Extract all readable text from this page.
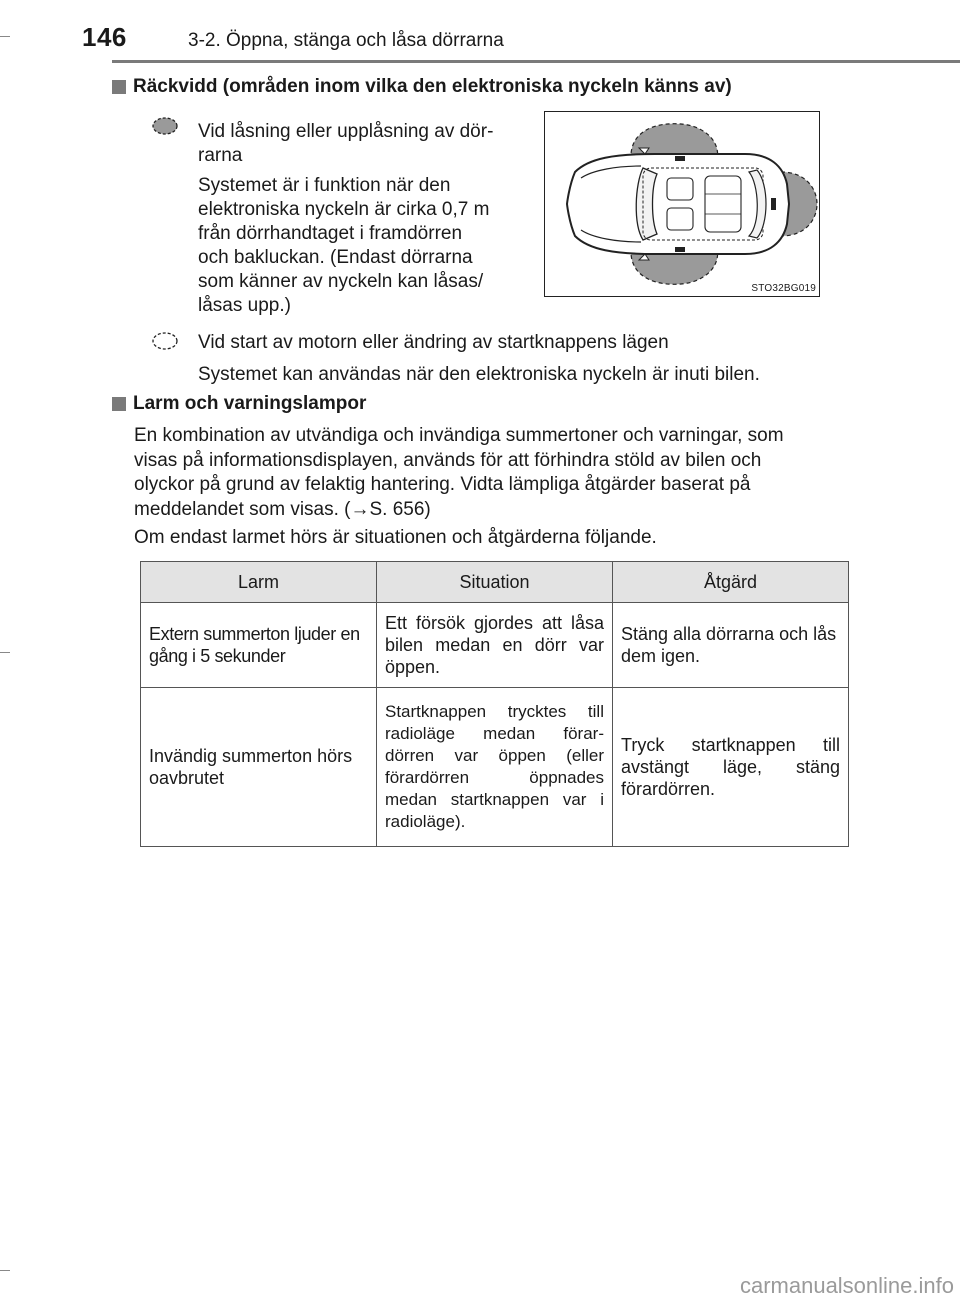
146	3-2. Öppna, stänga och låsa dörrarna
Räckvidd (områden inom vilka den elektroniska nyckeln känns av)
Vid låsning eller upplåsning av dör-
rarna
Systemet är i funktion när den
elektroniska nyckeln är cirka 0,7 m
från dörrhandtaget i framdörren
och bakluckan. (Endast dörrarna
som känner av nyckeln kan låsas/
låsas upp.)
STO32BG019
Vid start av motorn eller ändring av startknappens lägen
Systemet kan användas när den elektroniska nyckeln är inuti bilen.
Larm och varningslampor
En kombination av utvändiga och invändiga summertoner och varningar, som
visas på informationsdisplayen, används för att förhindra stöld av bilen och
olyckor på grund av felaktig hantering. Vidta lämpliga åtgärder baserat på
meddelandet som visas. (→S. 656)
Om endast larmet hörs är situationen och åtgärderna följande.
Larm	Situation	Åtgärd
Extern summerton ljuder en gång i 5 sekunder	Ett försök gjordes att låsa bilen medan en dörr var öppen.	Stäng alla dörrarna och lås dem igen.
Invändig summerton hörs oavbrutet	Startknappen trycktes till radioläge medan förar-dörren var öppen (eller förardörren öppnades medan startknappen var i radioläge).	Tryck startknappen till avstängt läge, stäng förardörren.
carmanualsonline.info
